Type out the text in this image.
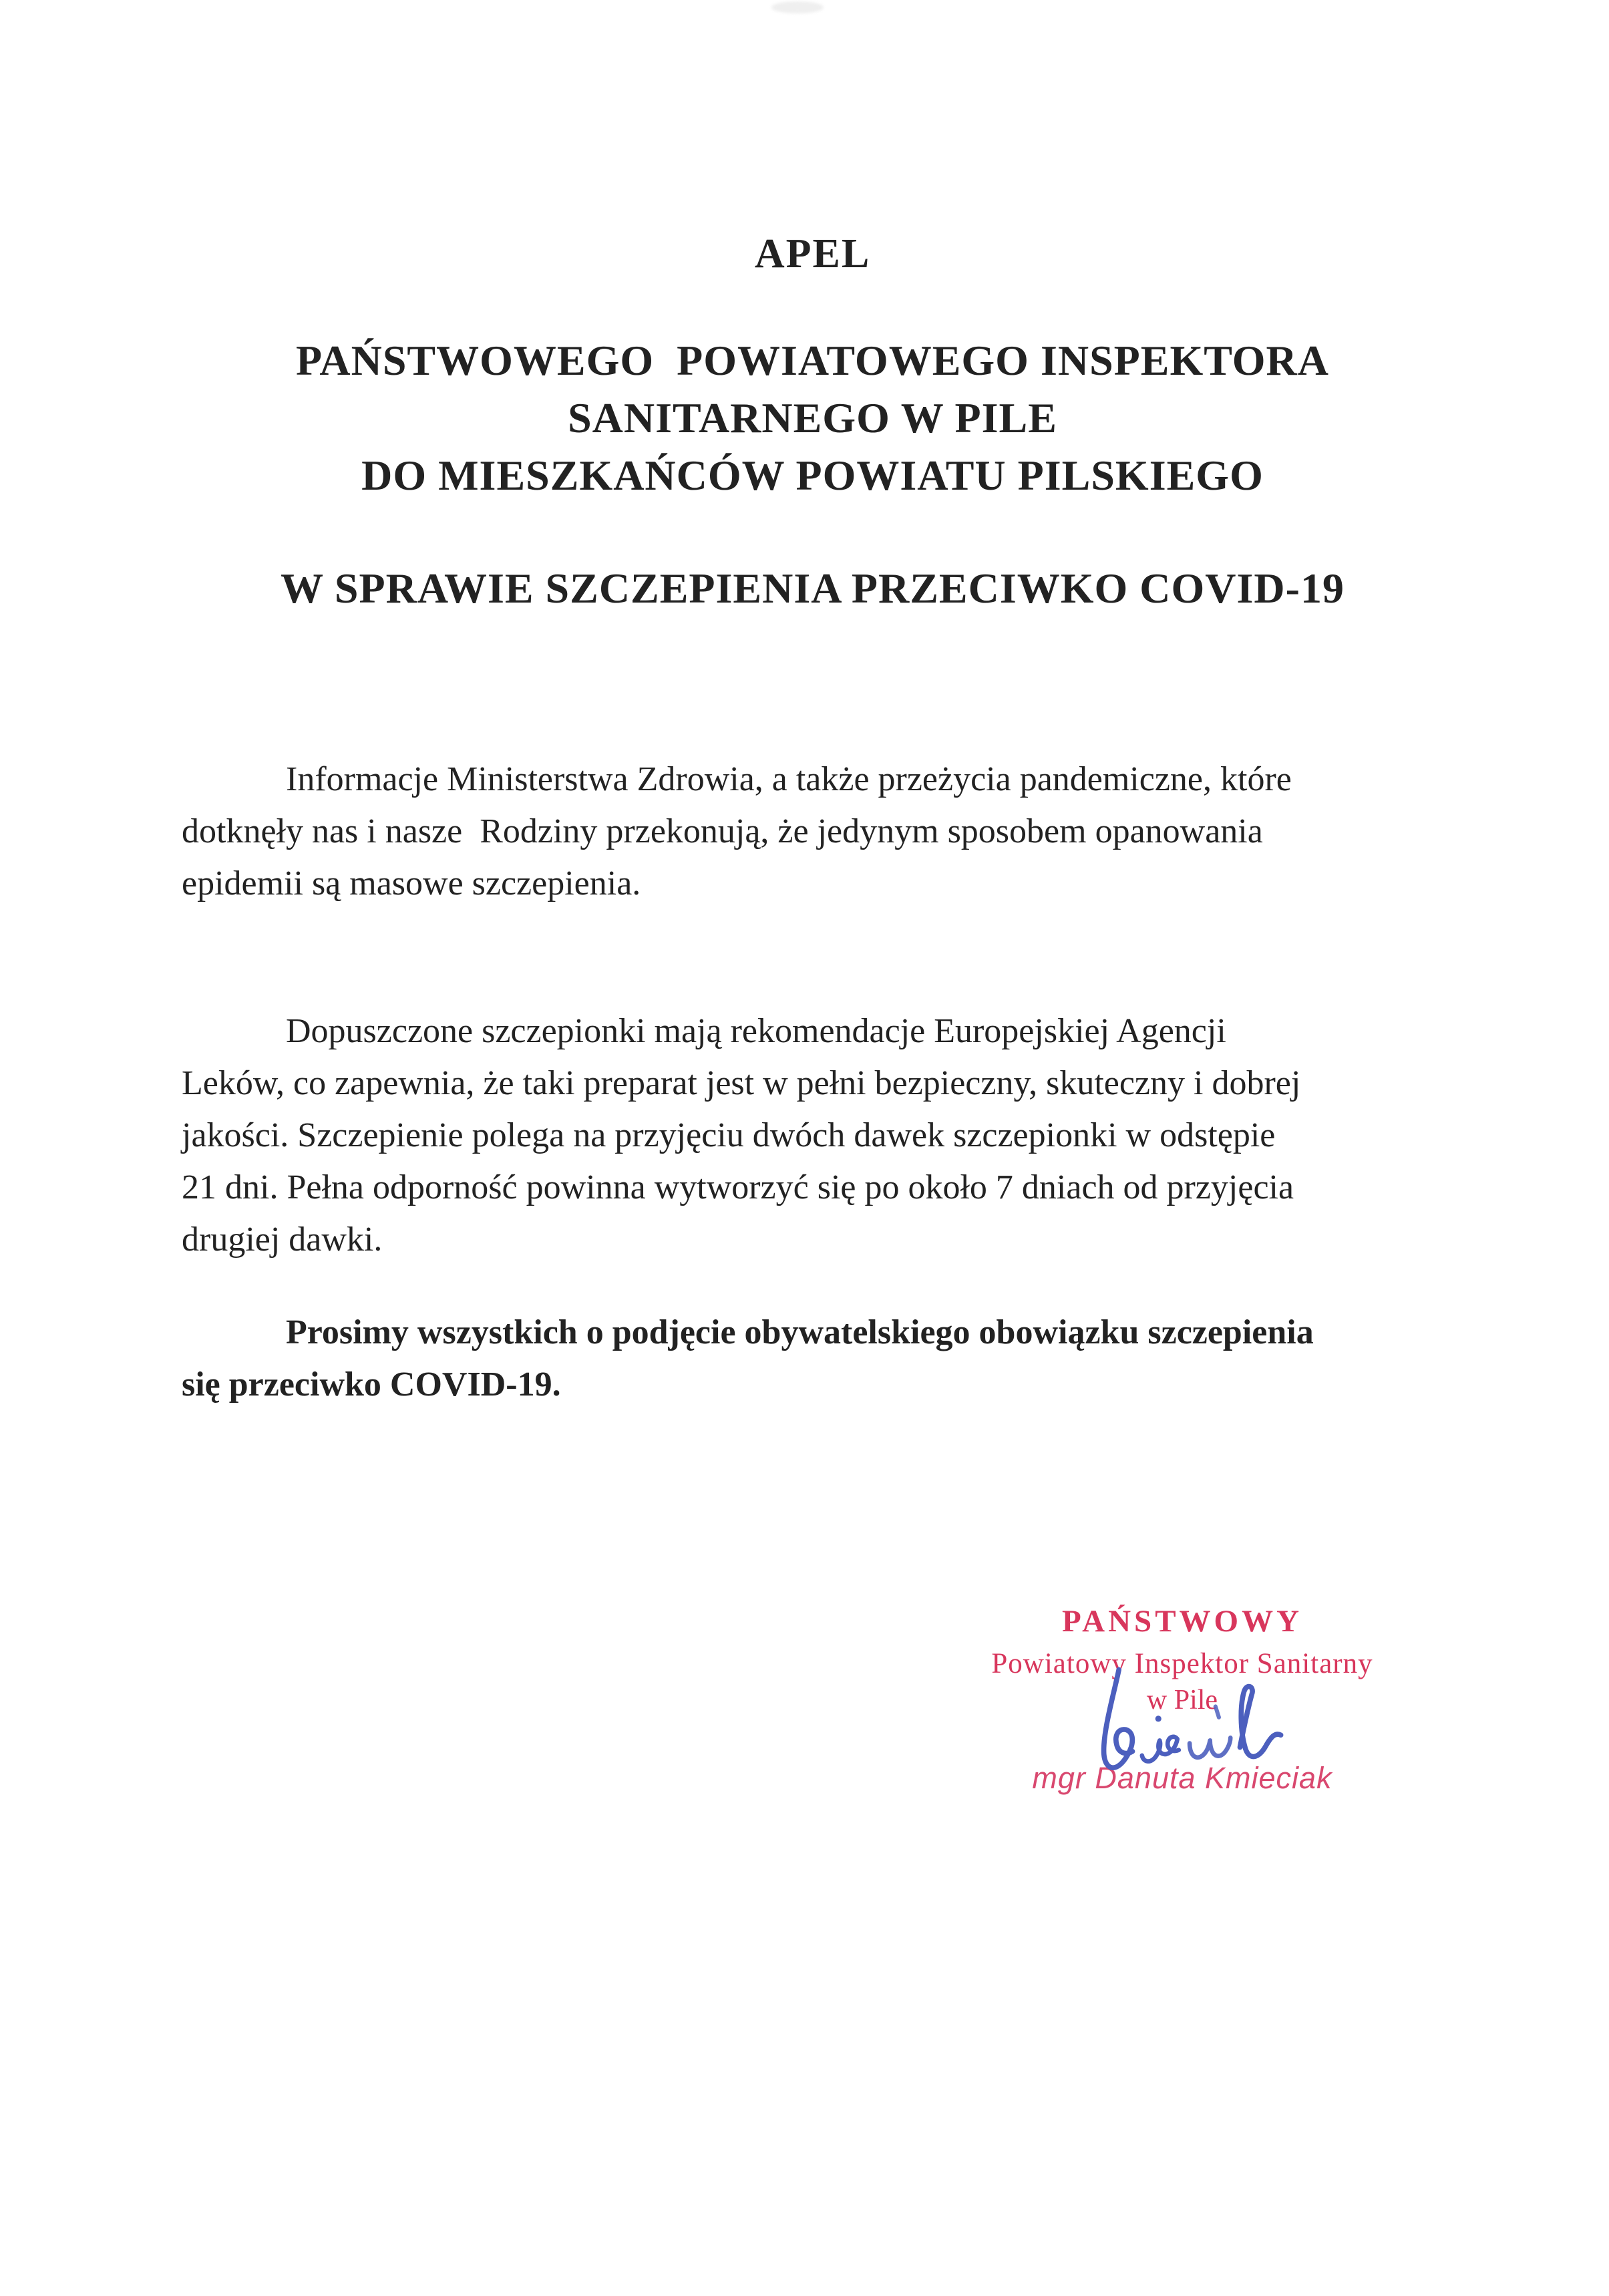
APEL
PAŃSTWOWEGO  POWIATOWEGO INSPEKTORA
SANITARNEGO W PILE
DO MIESZKAŃCÓW POWIATU PILSKIEGO
W SPRAWIE SZCZEPIENIA PRZECIWKO COVID-19
Informacje Ministerstwa Zdrowia, a także przeżycia pandemiczne, które
dotknęły nas i nasze  Rodziny przekonują, że jedynym sposobem opanowania
epidemii są masowe szczepienia.
Dopuszczone szczepionki mają rekomendacje Europejskiej Agencji
Leków, co zapewnia, że taki preparat jest w pełni bezpieczny, skuteczny i dobrej
jakości. Szczepienie polega na przyjęciu dwóch dawek szczepionki w odstępie
21 dni. Pełna odporność powinna wytworzyć się po około 7 dniach od przyjęcia
drugiej dawki.
Prosimy wszystkich o podjęcie obywatelskiego obowiązku szczepienia
się przeciwko COVID-19.
PAŃSTWOWY
Powiatowy Inspektor Sanitarny
w Pile
mgr Danuta Kmieciak
